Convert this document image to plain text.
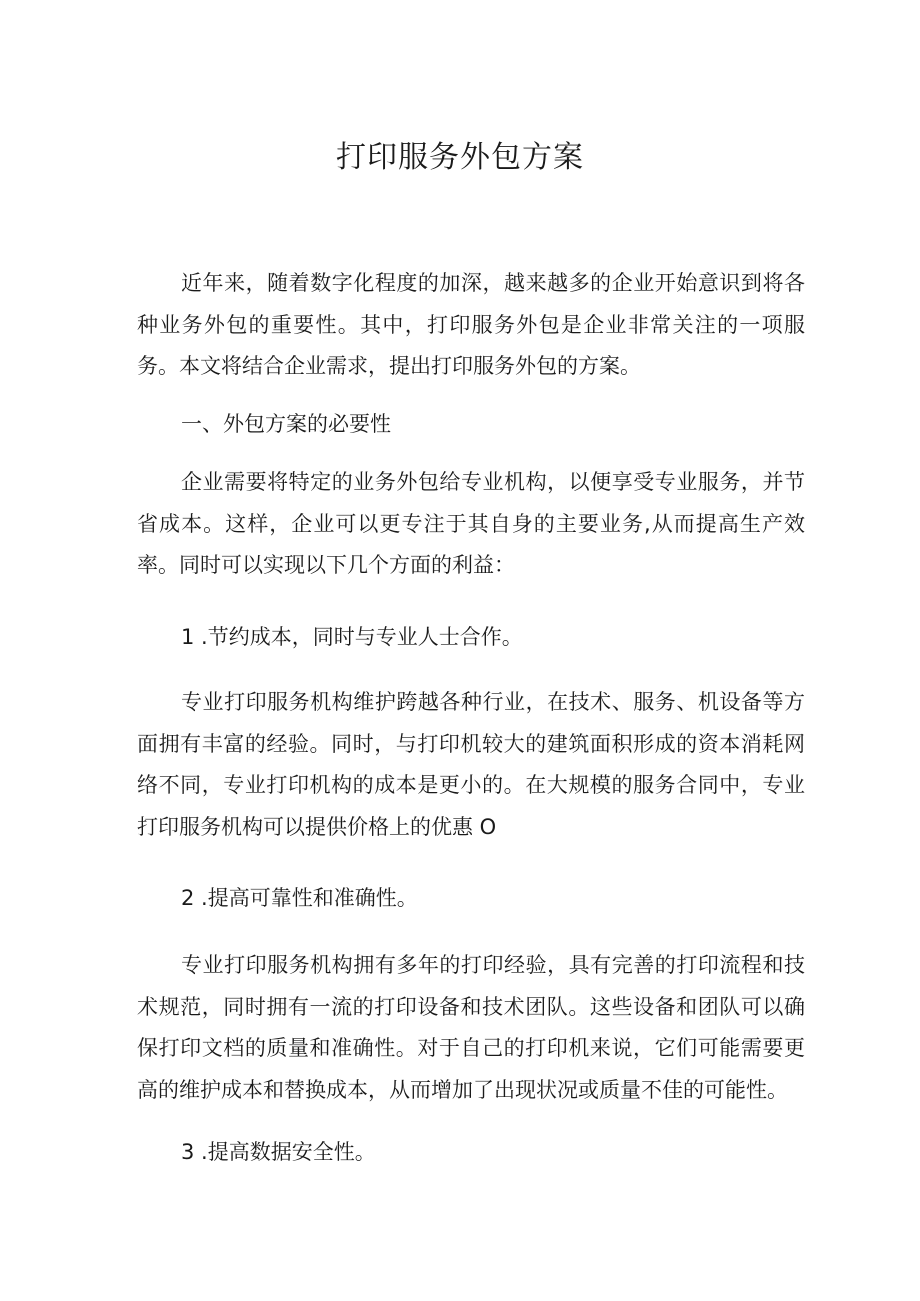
打印服务外包方案

近年来，随着数字化程度的加深，越来越多的企业开始意识到将各种业务外包的重要性。其中，打印服务外包是企业非常关注的一项服务。本文将结合企业需求，提出打印服务外包的方案。

一、外包方案的必要性

企业需要将特定的业务外包给专业机构，以便享受专业服务，并节省成本。这样，企业可以更专注于其自身的主要业务,从而提高生产效率。同时可以实现以下几个方面的利益：

1 .节约成本，同时与专业人士合作。

专业打印服务机构维护跨越各种行业，在技术、服务、机设备等方面拥有丰富的经验。同时，与打印机较大的建筑面积形成的资本消耗网络不同，专业打印机构的成本是更小的。在大规模的服务合同中，专业打印服务机构可以提供价格上的优惠 O

2 .提高可靠性和准确性。

专业打印服务机构拥有多年的打印经验，具有完善的打印流程和技术规范，同时拥有一流的打印设备和技术团队。这些设备和团队可以确保打印文档的质量和准确性。对于自己的打印机来说，它们可能需要更高的维护成本和替换成本，从而增加了出现状况或质量不佳的可能性。

3 .提高数据安全性。
